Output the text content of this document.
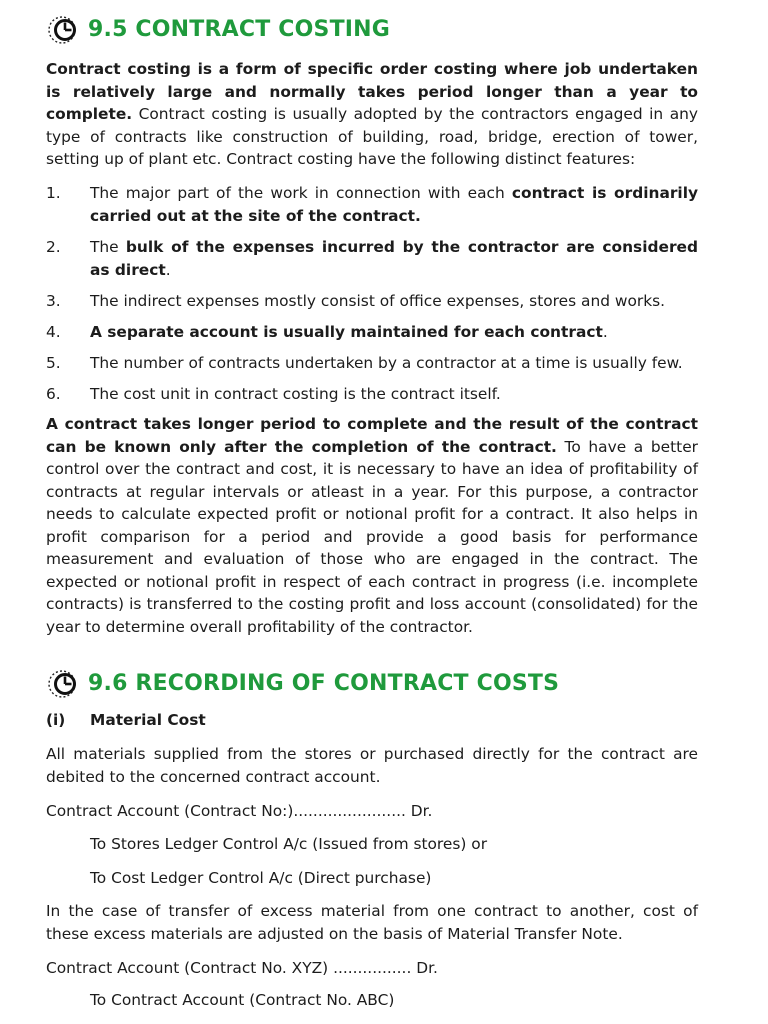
9.5 CONTRACT COSTING
Contract costing is a form of specific order costing where job undertaken is relatively large and normally takes period longer than a year to complete. Contract costing is usually adopted by the contractors engaged in any type of contracts like construction of building, road, bridge, erection of tower, setting up of plant etc. Contract costing have the following distinct features:
1. The major part of the work in connection with each contract is ordinarily carried out at the site of the contract.
2. The bulk of the expenses incurred by the contractor are considered as direct.
3. The indirect expenses mostly consist of office expenses, stores and works.
4. A separate account is usually maintained for each contract.
5. The number of contracts undertaken by a contractor at a time is usually few.
6. The cost unit in contract costing is the contract itself.
A contract takes longer period to complete and the result of the contract can be known only after the completion of the contract. To have a better control over the contract and cost, it is necessary to have an idea of profitability of contracts at regular intervals or atleast in a year. For this purpose, a contractor needs to calculate expected profit or notional profit for a contract. It also helps in profit comparison for a period and provide a good basis for performance measurement and evaluation of those who are engaged in the contract. The expected or notional profit in respect of each contract in progress (i.e. incomplete contracts) is transferred to the costing profit and loss account (consolidated) for the year to determine overall profitability of the contractor.
9.6 RECORDING OF CONTRACT COSTS
(i) Material Cost
All materials supplied from the stores or purchased directly for the contract are debited to the concerned contract account.
Contract Account (Contract No:)....................... Dr.
To Stores Ledger Control A/c (Issued from stores) or
To Cost Ledger Control A/c (Direct purchase)
In the case of transfer of excess material from one contract to another, cost of these excess materials are adjusted on the basis of Material Transfer Note.
Contract Account (Contract No. XYZ) ................ Dr.
To Contract Account (Contract No. ABC)
